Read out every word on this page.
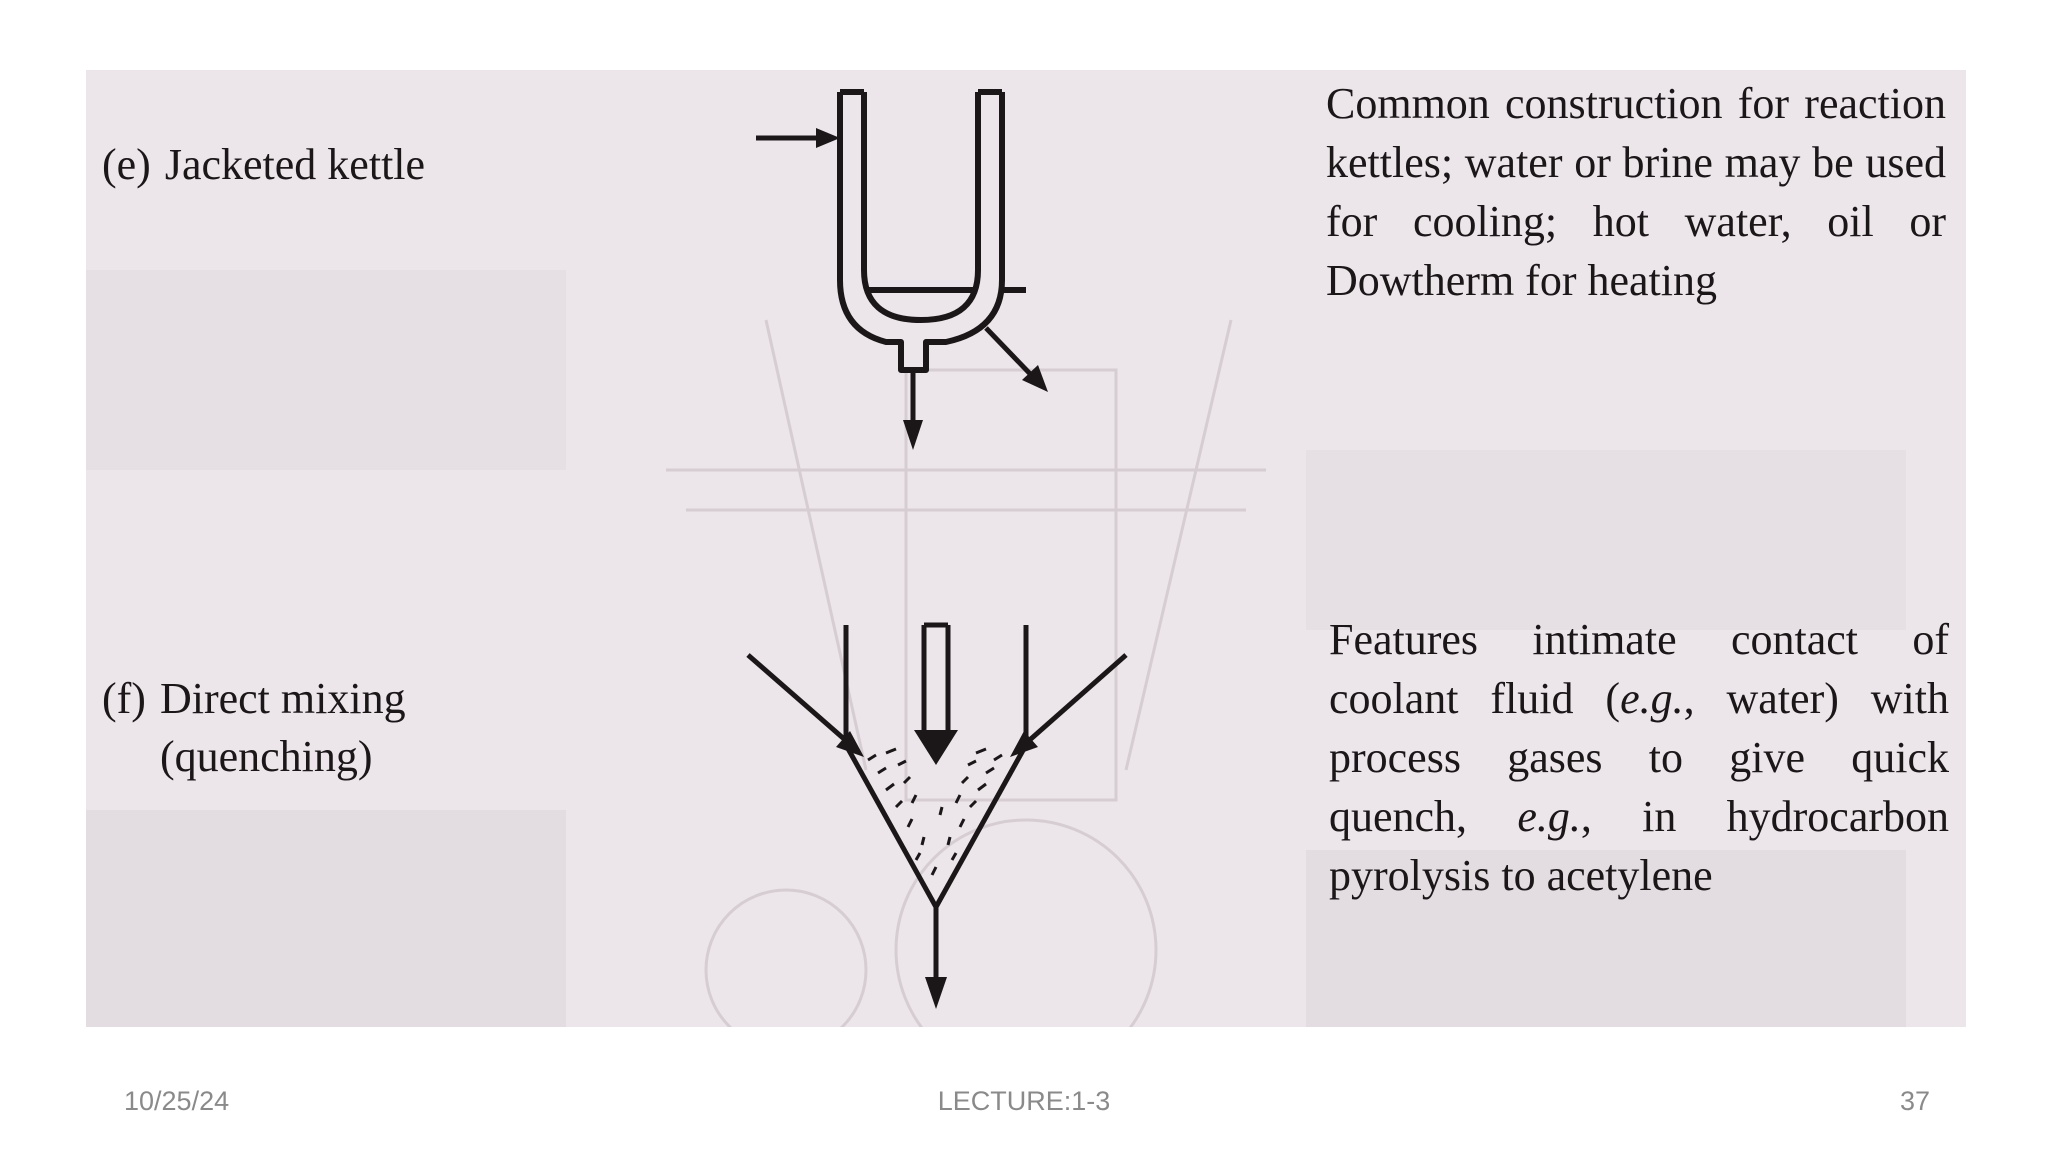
(e) Jacketed kettle

Common construction for reaction kettles; water or brine may be used for cooling; hot water, oil or Dowtherm for heating

(f) Direct mixing
(quenching)

Features intimate contact of coolant fluid (e.g., water) with process gases to give quick quench, e.g., in hydrocarbon pyrolysis to acetylene
10/25/24	LECTURE:1-3	37
